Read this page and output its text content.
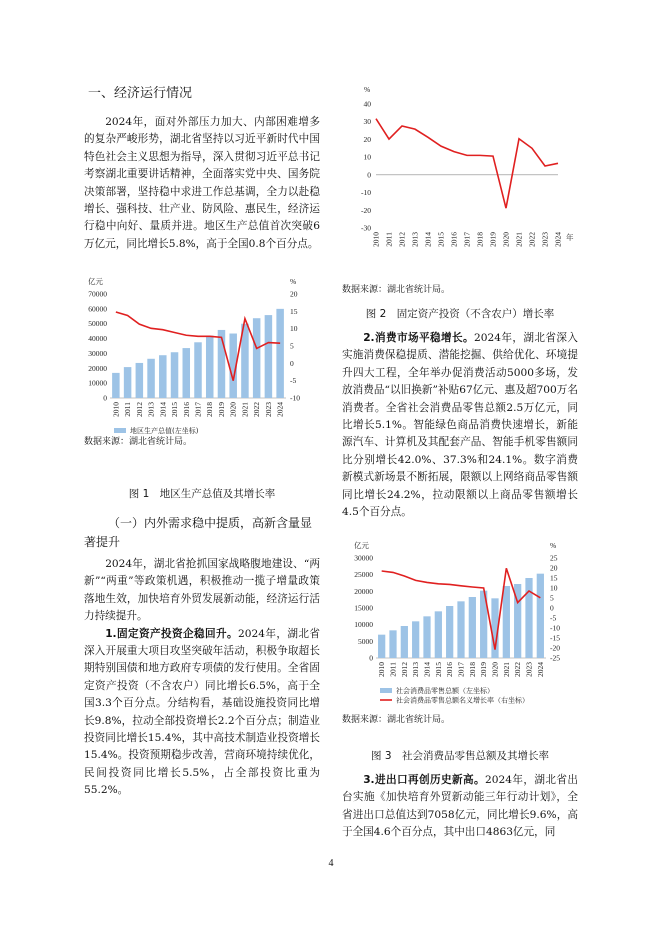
一、经济运行情况

2024年，面对外部压力加大、内部困难增多的复杂严峻形势，湖北省坚持以习近平新时代中国特色社会主义思想为指导，深入贯彻习近平总书记考察湖北重要讲话精神，全面落实党中央、国务院决策部署，坚持稳中求进工作总基调，全力以赴稳增长、强科技、壮产业、防风险、惠民生，经济运行稳中向好、量质并进。地区生产总值首次突破6万亿元，同比增长5.8%，高于全国0.8个百分点。

亿元	%
0
10000
20000
30000
40000
50000
60000
70000
-10
-5
0
5
10
15
20
2010 2011 2012 2013 2014 2015 2016 2017 2018 2019 2020 2021 2022 2023 2024
地区生产总值(左坐标)
数据来源：湖北省统计局。
图 1　地区生产总值及其增长率
（一）内外需求稳中提质，高新含量显著提升

2024年，湖北省抢抓国家战略腹地建设、“两新”“两重”等政策机遇，积极推动一揽子增量政策落地生效，加快培育外贸发展新动能，经济运行活力持续提升。

1.固定资产投资企稳回升。2024年，湖北省深入开展重大项目攻坚突破年活动，积极争取超长期特别国债和地方政府专项债的发行使用。全省固定资产投资（不含农户）同比增长6.5%，高于全国3.3个百分点。分结构看，基础设施投资同比增长9.8%，拉动全部投资增长2.2个百分点；制造业投资同比增长15.4%，其中高技术制造业投资增长15.4%。投资预期稳步改善，营商环境持续优化，民间投资同比增长5.5%，占全部投资比重为55.2%。

%
-30
-20
-10
0
10
20
30
40
2010 2011 2012 2013 2014 2015 2016 2017 2018 2019 2020 2021 2022 2023 2024 年
数据来源：湖北省统计局。
图 2　固定资产投资（不含农户）增长率

2.消费市场平稳增长。2024年，湖北省深入实施消费保稳提质、潜能挖掘、供给优化、环境提升四大工程，全年举办促消费活动5000多场，发放消费品“以旧换新”补贴67亿元、惠及超700万名消费者。全省社会消费品零售总额2.5万亿元，同比增长5.1%。智能绿色商品消费快速增长，新能源汽车、计算机及其配套产品、智能手机零售额同比分别增长42.0%、37.3%和24.1%。数字消费新模式新场景不断拓展，限额以上网络商品零售额同比增长24.2%，拉动限额以上商品零售额增长4.5个百分点。

亿元	%
0
5000
10000
15000
20000
25000
30000
-25
-20
-15
-10
-5
0
5
10
15
20
25
2010 2011 2012 2013 2014 2015 2016 2017 2018 2019 2020 2021 2022 2023 2024
社会消费品零售总额（左坐标）
社会消费品零售总额名义增长率（右坐标）
数据来源：湖北省统计局。
图 3　社会消费品零售总额及其增长率

3.进出口再创历史新高。2024年，湖北省出台实施《加快培育外贸新动能三年行动计划》，全省进出口总值达到7058亿元，同比增长9.6%，高于全国4.6个百分点，其中出口4863亿元，同

4
